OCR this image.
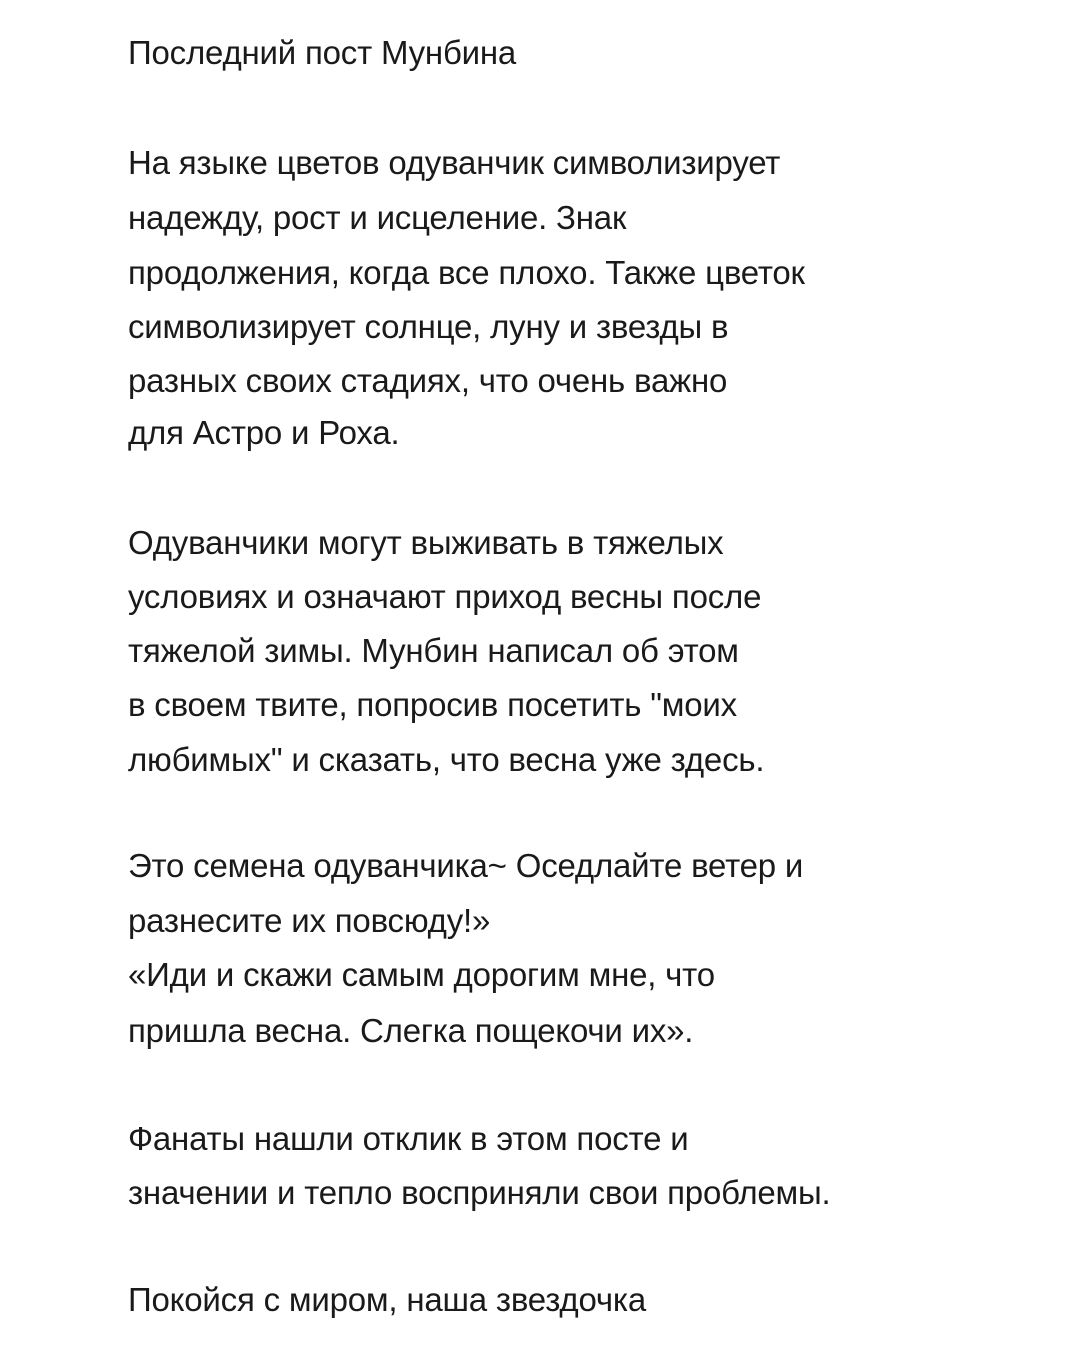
Последний пост Мунбина

На языке цветов одуванчик символизирует

надежду, рост и исцеление. Знак

продолжения, когда все плохо. Также цветок

символизирует солнце, луну и звезды в

разных своих стадиях, что очень важно

для Астро и Роха.

Одуванчики могут выживать в тяжелых

условиях и означают приход весны после

тяжелой зимы. Мунбин написал об этом

в своем твите, попросив посетить "моих

любимых" и сказать, что весна уже здесь.

Это семена одуванчика~ Оседлайте ветер и

разнесите их повсюду!»

«Иди и скажи самым дорогим мне, что

пришла весна. Слегка пощекочи их».

Фанаты нашли отклик в этом посте и

значении и тепло восприняли свои проблемы.

Покойся с миром, наша звездочка
